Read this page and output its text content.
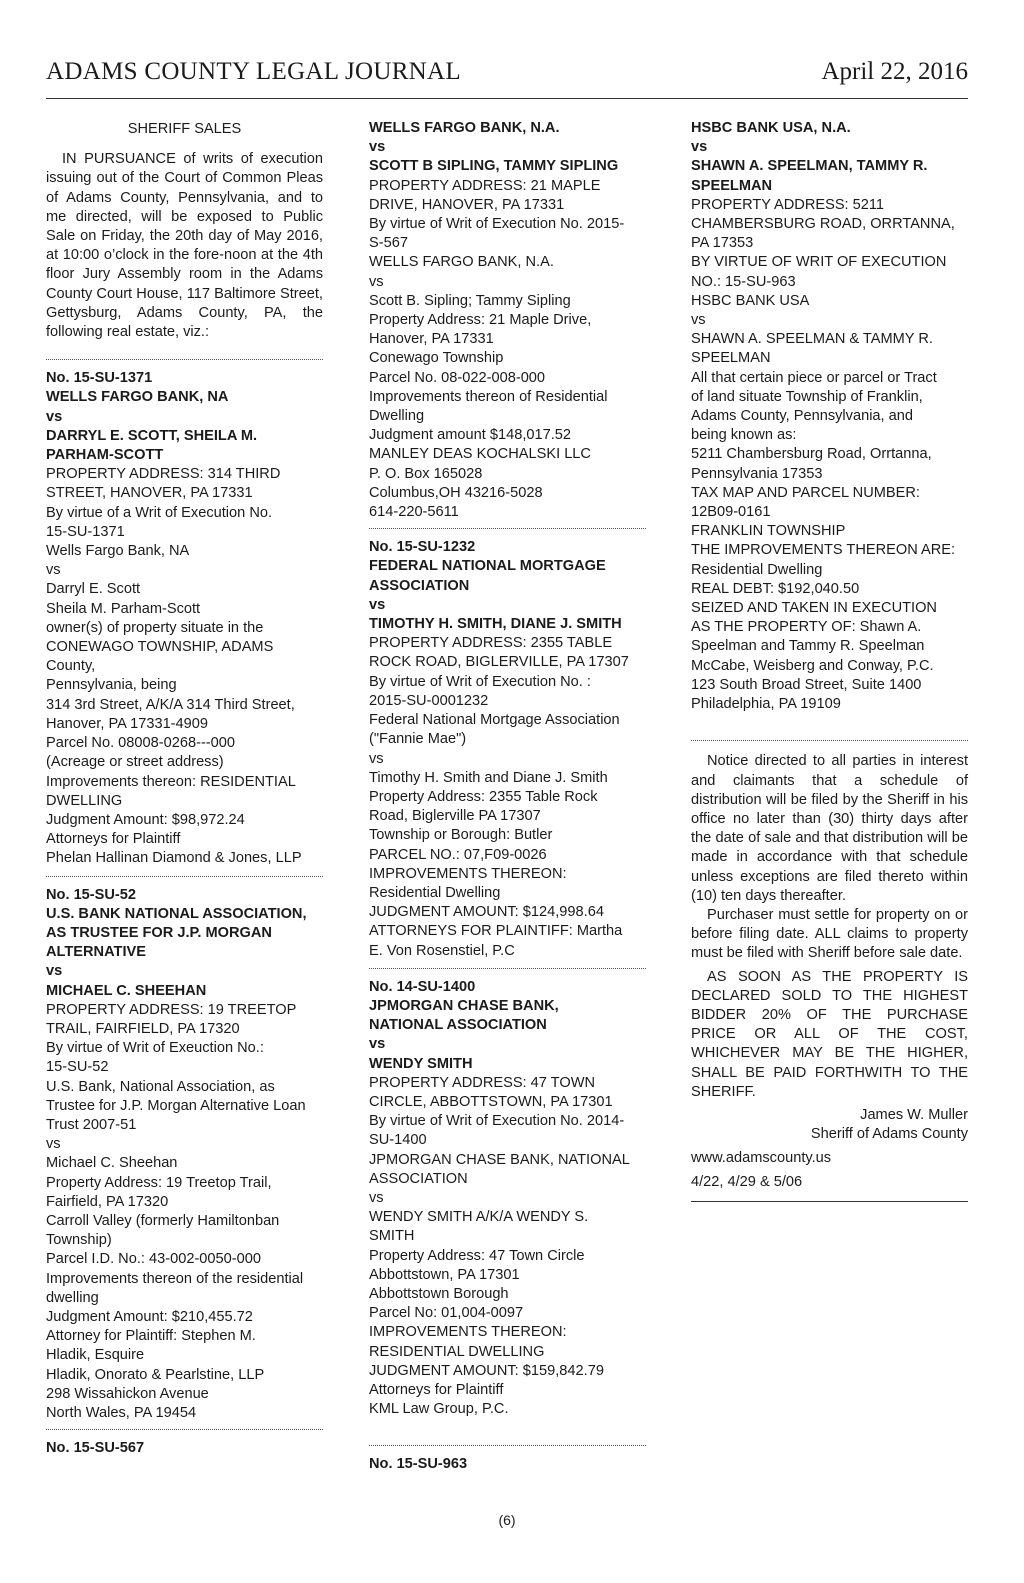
ADAMS COUNTY LEGAL JOURNAL	April 22, 2016

SHERIFF SALES

IN PURSUANCE of writs of execution issuing out of the Court of Common Pleas of Adams County, Pennsylvania, and to me directed, will be exposed to Public Sale on Friday, the 20th day of May 2016, at 10:00 o’clock in the fore-noon at the 4th floor Jury Assembly room in the Adams County Court House, 117 Baltimore Street, Gettysburg, Adams County, PA, the following real estate, viz.:

No. 15-SU-1371
WELLS FARGO BANK, NA
vs
DARRYL E. SCOTT, SHEILA M.
PARHAM-SCOTT
PROPERTY ADDRESS: 314 THIRD
STREET, HANOVER, PA 17331
By virtue of a Writ of Execution No.
15-SU-1371
Wells Fargo Bank, NA
vs
Darryl E. Scott
Sheila M. Parham-Scott
owner(s) of property situate in the
CONEWAGO TOWNSHIP, ADAMS
County,
Pennsylvania, being
314 3rd Street, A/K/A 314 Third Street,
Hanover, PA 17331-4909
Parcel No. 08008-0268---000
(Acreage or street address)
Improvements thereon: RESIDENTIAL
DWELLING
Judgment Amount: $98,972.24
Attorneys for Plaintiff
Phelan Hallinan Diamond & Jones, LLP
No. 15-SU-52
U.S. BANK NATIONAL ASSOCIATION,
AS TRUSTEE FOR J.P. MORGAN
ALTERNATIVE
vs
MICHAEL C. SHEEHAN
PROPERTY ADDRESS: 19 TREETOP
TRAIL, FAIRFIELD, PA 17320
By virtue of Writ of Exeuction No.:
15-SU-52
U.S. Bank, National Association, as
Trustee for J.P. Morgan Alternative Loan
Trust 2007-51
vs
Michael C. Sheehan
Property Address: 19 Treetop Trail,
Fairfield, PA 17320
Carroll Valley (formerly Hamiltonban
Township)
Parcel I.D. No.: 43-002-0050-000
Improvements thereon of the residential
dwelling
Judgment Amount: $210,455.72
Attorney for Plaintiff: Stephen M.
Hladik, Esquire
Hladik, Onorato & Pearlstine, LLP
298 Wissahickon Avenue
North Wales, PA 19454
No. 15-SU-567
WELLS FARGO BANK, N.A.
vs
SCOTT B SIPLING, TAMMY SIPLING
PROPERTY ADDRESS: 21 MAPLE
DRIVE, HANOVER, PA 17331
By virtue of Writ of Execution No. 2015-
S-567
WELLS FARGO BANK, N.A.
vs
Scott B. Sipling; Tammy Sipling
Property Address: 21 Maple Drive,
Hanover, PA 17331
Conewago Township
Parcel No. 08-022-008-000
Improvements thereon of Residential
Dwelling
Judgment amount $148,017.52
MANLEY DEAS KOCHALSKI LLC
P. O. Box 165028
Columbus,OH 43216-5028
614-220-5611
No. 15-SU-1232
FEDERAL NATIONAL MORTGAGE
ASSOCIATION
vs
TIMOTHY H. SMITH, DIANE J. SMITH
PROPERTY ADDRESS: 2355 TABLE
ROCK ROAD, BIGLERVILLE, PA 17307
By virtue of Writ of Execution No. :
2015-SU-0001232
Federal National Mortgage Association
("Fannie Mae")
vs
Timothy H. Smith and Diane J. Smith
Property Address: 2355 Table Rock
Road, Biglerville PA 17307
Township or Borough: Butler
PARCEL NO.: 07,F09-0026
IMPROVEMENTS THEREON:
Residential Dwelling
JUDGMENT AMOUNT: $124,998.64
ATTORNEYS FOR PLAINTIFF: Martha
E. Von Rosenstiel, P.C
No. 14-SU-1400
JPMORGAN CHASE BANK,
NATIONAL ASSOCIATION
vs
WENDY SMITH
PROPERTY ADDRESS: 47 TOWN
CIRCLE, ABBOTTSTOWN, PA 17301
By virtue of Writ of Execution No. 2014-
SU-1400
JPMORGAN CHASE BANK, NATIONAL
ASSOCIATION
vs
WENDY SMITH A/K/A WENDY S.
SMITH
Property Address: 47 Town Circle
Abbottstown, PA 17301
Abbottstown Borough
Parcel No: 01,004-0097
IMPROVEMENTS THEREON:
RESIDENTIAL DWELLING
JUDGMENT AMOUNT: $159,842.79
Attorneys for Plaintiff
KML Law Group, P.C.
No. 15-SU-963
HSBC BANK USA, N.A.
vs
SHAWN A. SPEELMAN, TAMMY R.
SPEELMAN
PROPERTY ADDRESS: 5211
CHAMBERSBURG ROAD, ORRTANNA,
PA 17353
BY VIRTUE OF WRIT OF EXECUTION
NO.: 15-SU-963
HSBC BANK USA
vs
SHAWN A. SPEELMAN & TAMMY R.
SPEELMAN
All that certain piece or parcel or Tract
of land situate Township of Franklin,
Adams County, Pennsylvania, and
being known as:
5211 Chambersburg Road, Orrtanna,
Pennsylvania 17353
TAX MAP AND PARCEL NUMBER:
12B09-0161
FRANKLIN TOWNSHIP
THE IMPROVEMENTS THEREON ARE:
Residential Dwelling
REAL DEBT: $192,040.50
SEIZED AND TAKEN IN EXECUTION
AS THE PROPERTY OF: Shawn A.
Speelman and Tammy R. Speelman
McCabe, Weisberg and Conway, P.C.
123 South Broad Street, Suite 1400
Philadelphia, PA 19109

Notice directed to all parties in interest and claimants that a schedule of distribution will be filed by the Sheriff in his office no later than (30) thirty days after the date of sale and that distribution will be made in accordance with that schedule unless exceptions are filed thereto within (10) ten days thereafter.

Purchaser must settle for property on or before filing date. ALL claims to property must be filed with Sheriff before sale date.

AS SOON AS THE PROPERTY IS DECLARED SOLD TO THE HIGHEST BIDDER 20% OF THE PURCHASE PRICE OR ALL OF THE COST, WHICHEVER MAY BE THE HIGHER, SHALL BE PAID FORTHWITH TO THE SHERIFF.

James W. Muller
Sheriff of Adams County
www.adamscounty.us
4/22, 4/29 & 5/06
(6)
